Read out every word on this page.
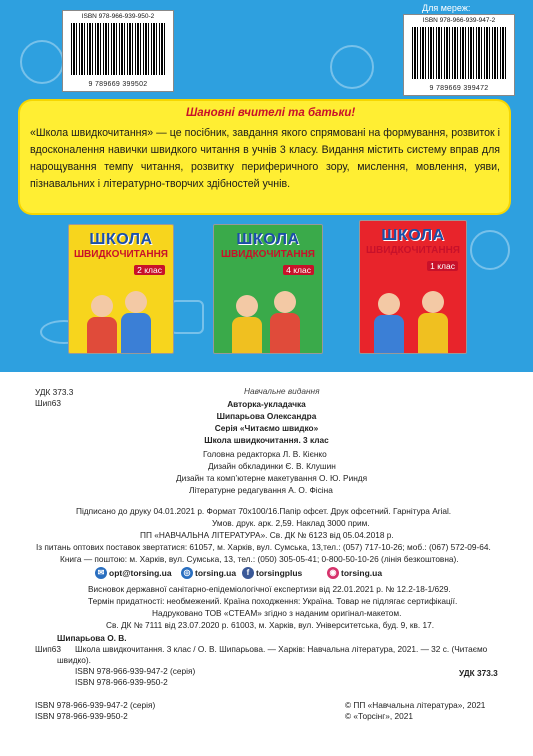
ISBN 978-966-939-950-2
9 789669 399502
Для мереж:
ISBN 978-966-939-947-2
9 789669 399472
Шановні вчителі та батьки!
«Школа швидкочитання» — це посібник, завдання якого спрямовані на формування, розвиток і вдосконалення навички швидкого читання в учнів 3 класу. Видання містить систему вправ для нарощування темпу читання, розвитку периферичного зору, мислення, мовлення, уяви, пізнавальних і літературно-творчих здібностей учнів.
ШКОЛА
ШВИДКОЧИТАННЯ
2 клас
ШКОЛА
ШВИДКОЧИТАННЯ
4 клас
ШКОЛА
ШВИДКОЧИТАННЯ
1 клас
УДК 373.3
Шип63
Навчальне видання
Авторка-укладачка
Шипарьова Олександра
Серія «Читаємо швидко»
Школа швидкочитання. 3 клас
Головна редакторка Л. В. Кієнко
Дизайн обкладинки Є. В. Клушин
Дизайн та комп’ютерне макетування О. Ю. Риндя
Літературне редагування А. О. Фісіна
Підписано до друку 04.01.2021 р. Формат 70x100/16.Папір офсет. Друк офсетний. Гарнітура Arial.
Умов. друк. арк. 2,59. Наклад 3000 прим.
ПП «НАВЧАЛЬНА ЛІТЕРАТУРА». Св. ДК № 6123 від 05.04.2018 р.
Із питань оптових поставок звертатися: 61057, м. Харків, вул. Сумська, 13,тел.: (057) 717-10-26; моб.: (067) 572-09-64.
Книга — поштою: м. Харків, вул. Сумська, 13, тел.: (050) 305-05-41; 0-800-50-10-26 (лінія безкоштовна).
✉ opt@torsing.ua	◎ torsing.ua	f torsingplus	◉ torsing.ua
Висновок державної санітарно-епідеміологічної експертизи від 22.01.2021 р. № 12.2-18-1/629.
Термін придатності: необмежений. Країна походження: Україна. Товар не підлягає сертифікації.
Надруковано ТОВ «СТЕАМ» згідно з наданим оригінал-макетом.
Св. ДК № 7111 від 23.07.2020 р. 61003, м. Харків, вул. Університетська, буд. 9, кв. 17.
Шипарьова О. В.
Шип63 Школа швидкочитання. 3 клас / О. В. Шипарьова. — Харків: Навчальна література, 2021. — 32 с. (Читаємо
швидко).
ISBN 978-966-939-947-2 (серія)
ISBN 978-966-939-950-2
УДК 373.3
ISBN 978-966-939-947-2 (серія)
ISBN 978-966-939-950-2
© ПП «Навчальна література», 2021
© «Торсінг», 2021
